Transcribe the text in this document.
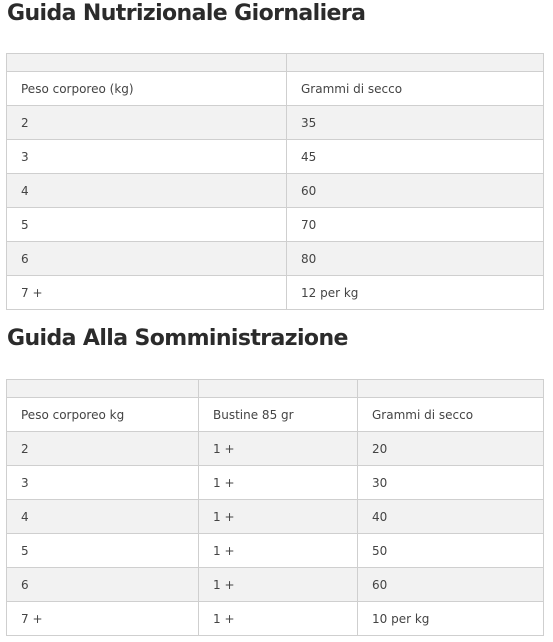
Guida Nutrizionale Giornaliera

Peso corporeo (kg)	Grammi di secco
2	35
3	45
4	60
5	70
6	80
7 +	12 per kg
Guida Alla Somministrazione

Peso corporeo kg	Bustine 85 gr	Grammi di secco
2	1 +	20
3	1 +	30
4	1 +	40
5	1 +	50
6	1 +	60
7 +	1 +	10 per kg
